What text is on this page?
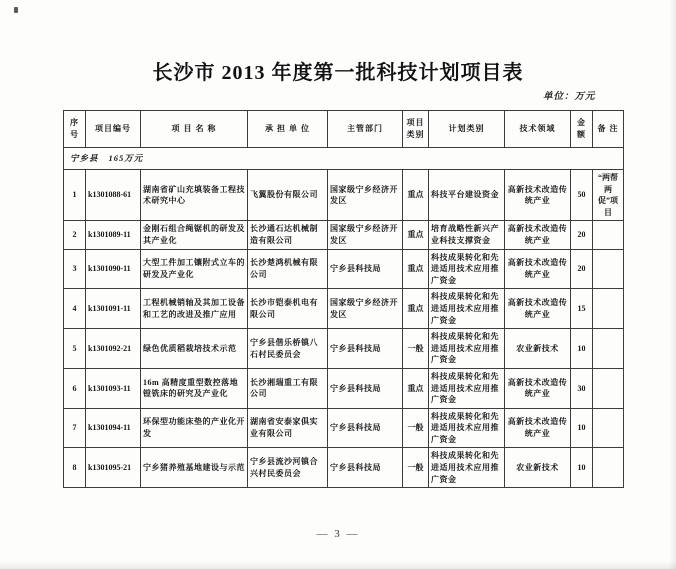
长沙市 2013 年度第一批科技计划项目表
单位：万元
序号	项目编号	项 目 名 称	承 担 单 位	主管部门	项目类别	计划类别	技术领域	金额	备 注
宁乡县 165万元									
1	k1301088-61	湖南省矿山充填装备工程技术研究中心	飞翼股份有限公司	国家级宁乡经济开发区	重点	科技平台建设资金	高新技术改造传统产业	50	“两帮两促”项目
2	k1301089-11	金刚石组合绳锯机的研发及其产业化	长沙通石达机械制造有限公司	国家级宁乡经济开发区	重点	培育战略性新兴产业科技支撑资金	高新技术改造传统产业	20	
3	k1301090-11	大型工件加工镶附式立车的研发及产业化	长沙楚鸿机械有限公司	宁乡县科技局	重点	科技成果转化和先进适用技术应用推广资金	高新技术改造传统产业	20	
4	k1301091-11	工程机械销轴及其加工设备和工艺的改进及推广应用	长沙市铠泰机电有限公司	国家级宁乡经济开发区	重点	科技成果转化和先进适用技术应用推广资金	高新技术改造传统产业	15	
5	k1301092-21	绿色优质稻栽培技术示范	宁乡县偕乐桥镇八石村民委员会	宁乡县科技局	一般	科技成果转化和先进适用技术应用推广资金	农业新技术	10	
6	k1301093-11	16m 高精度重型数控落地镗铣床的研究及产业化	长沙湘瑞重工有限公司	宁乡县科技局	重点	科技成果转化和先进适用技术应用推广资金	高新技术改造传统产业	30	
7	k1301094-11	环保型功能床垫的产业化开发	湖南省安泰家俱实业有限公司	宁乡县科技局	一般	科技成果转化和先进适用技术应用推广资金	高新技术改造传统产业	10	
8	k1301095-21	宁乡猪养殖基地建设与示范	宁乡县流沙河镇合兴村民委员会	宁乡县科技局	一般	科技成果转化和先进适用技术应用推广资金	农业新技术	10	
— 3 —
